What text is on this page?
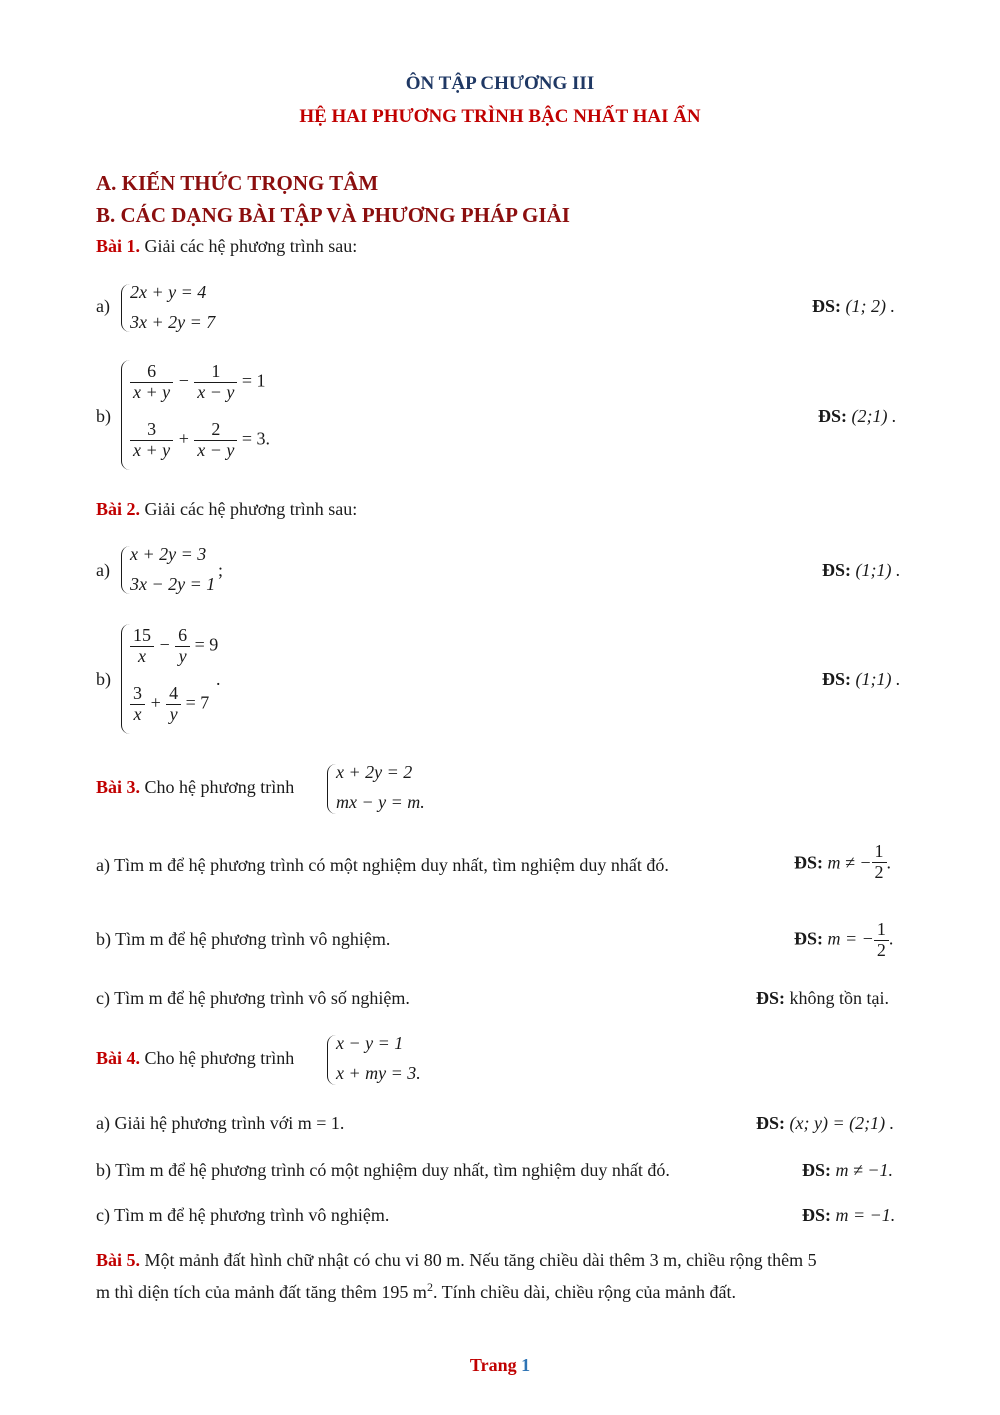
ÔN TẬP CHƯƠNG III
HỆ HAI PHƯƠNG TRÌNH BẬC NHẤT HAI ẨN
A. KIẾN THỨC TRỌNG TÂM
B. CÁC DẠNG BÀI TẬP VÀ PHƯƠNG PHÁP GIẢI
Bài 1. Giải các hệ phương trình sau:
a)
2x + y = 4
3x + 2y = 7
ĐS: (1; 2) .
b)
$\frac{6}{x + y} - \frac{1}{x - y} = 1$
$\frac{3}{x + y} + \frac{2}{x - y} = 3$.
ĐS: (2;1) .
Bài 2. Giải các hệ phương trình sau:
a)
x + 2y = 3
3x − 2y = 1
;	ĐS: (1;1) .
b)
$\frac{15}{x} - \frac{6}{y} = 9$
$\frac{3}{x} + \frac{4}{y} = 7$
.	ĐS: (1;1) .
Bài 3. Cho hệ phương trình
x + 2y = 2
mx − y = m.
a) Tìm m để hệ phương trình có một nghiệm duy nhất, tìm nghiệm duy nhất đó.	ĐS: m ≠ − $\frac{1}{2}$ .
b) Tìm m để hệ phương trình vô nghiệm.	ĐS: m = − $\frac{1}{2}$ .
c) Tìm m để hệ phương trình vô số nghiệm.	ĐS: không tồn tại.
Bài 4. Cho hệ phương trình
x − y = 1
x + my = 3.
a) Giải hệ phương trình với m = 1.	ĐS: (x; y) = (2;1) .
b) Tìm m để hệ phương trình có một nghiệm duy nhất, tìm nghiệm duy nhất đó.	ĐS: m ≠ −1.
c) Tìm m để hệ phương trình vô nghiệm.	ĐS: m = −1.
Bài 5. Một mảnh đất hình chữ nhật có chu vi 80 m. Nếu tăng chiều dài thêm 3 m, chiều rộng thêm 5
m thì diện tích của mảnh đất tăng thêm 195 $m^2$. Tính chiều dài, chiều rộng của mảnh đất.
Trang 1
